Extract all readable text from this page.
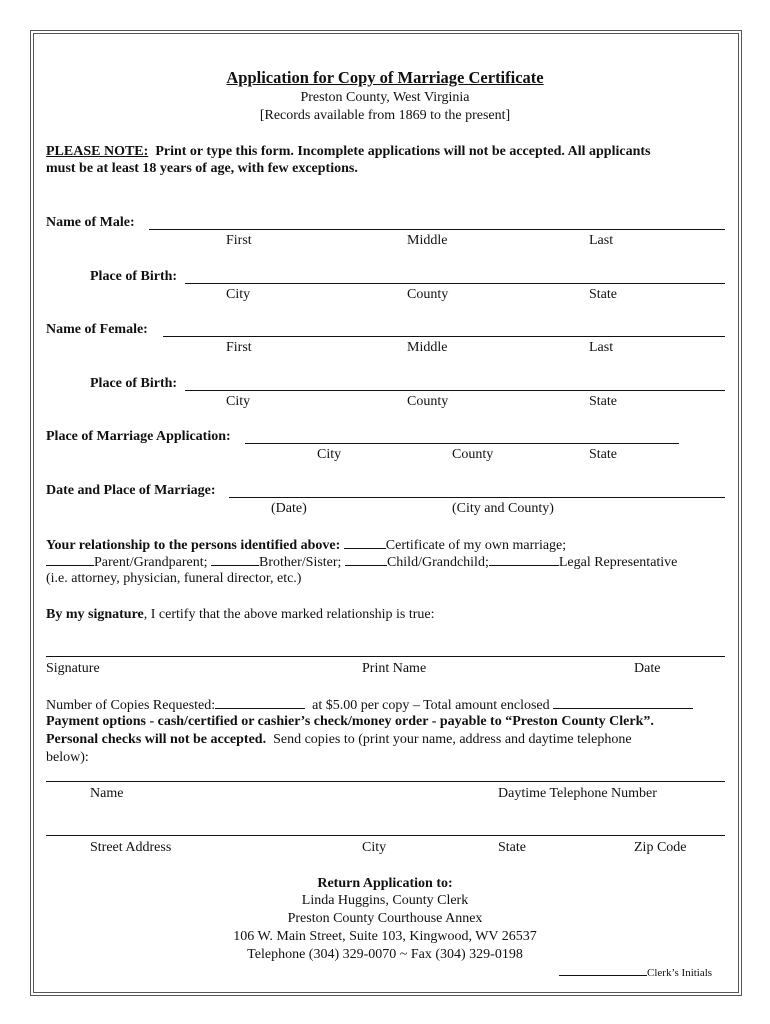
Application for Copy of Marriage Certificate
Preston County, West Virginia
[Records available from 1869 to the present]
PLEASE NOTE: Print or type this form. Incomplete applications will not be accepted. All applicants
must be at least 18 years of age, with few exceptions.
Name of Male:
First	Middle	Last
Place of Birth:
City	County	State
Name of Female:
First	Middle	Last
Place of Birth:
City	County	State
Place of Marriage Application:
City	County	State
Date and Place of Marriage:
(Date)	(City and County)
Your relationship to the persons identified above:	Certificate of my own marriage;
Parent/Grandparent;	Brother/Sister;	Child/Grandchild;	Legal Representative
(i.e. attorney, physician, funeral director, etc.)
By my signature, I certify that the above marked relationship is true:
Signature	Print Name	Date
Number of Copies Requested:	at $5.00 per copy – Total amount enclosed
Payment options - cash/certified or cashier’s check/money order - payable to “Preston County Clerk”.
Personal checks will not be accepted. Send copies to (print your name, address and daytime telephone
below):
Name	Daytime Telephone Number
Street Address	City	State	Zip Code
Return Application to:
Linda Huggins, County Clerk
Preston County Courthouse Annex
106 W. Main Street, Suite 103, Kingwood, WV 26537
Telephone (304) 329-0070 ~ Fax (304) 329-0198
Clerk’s Initials
